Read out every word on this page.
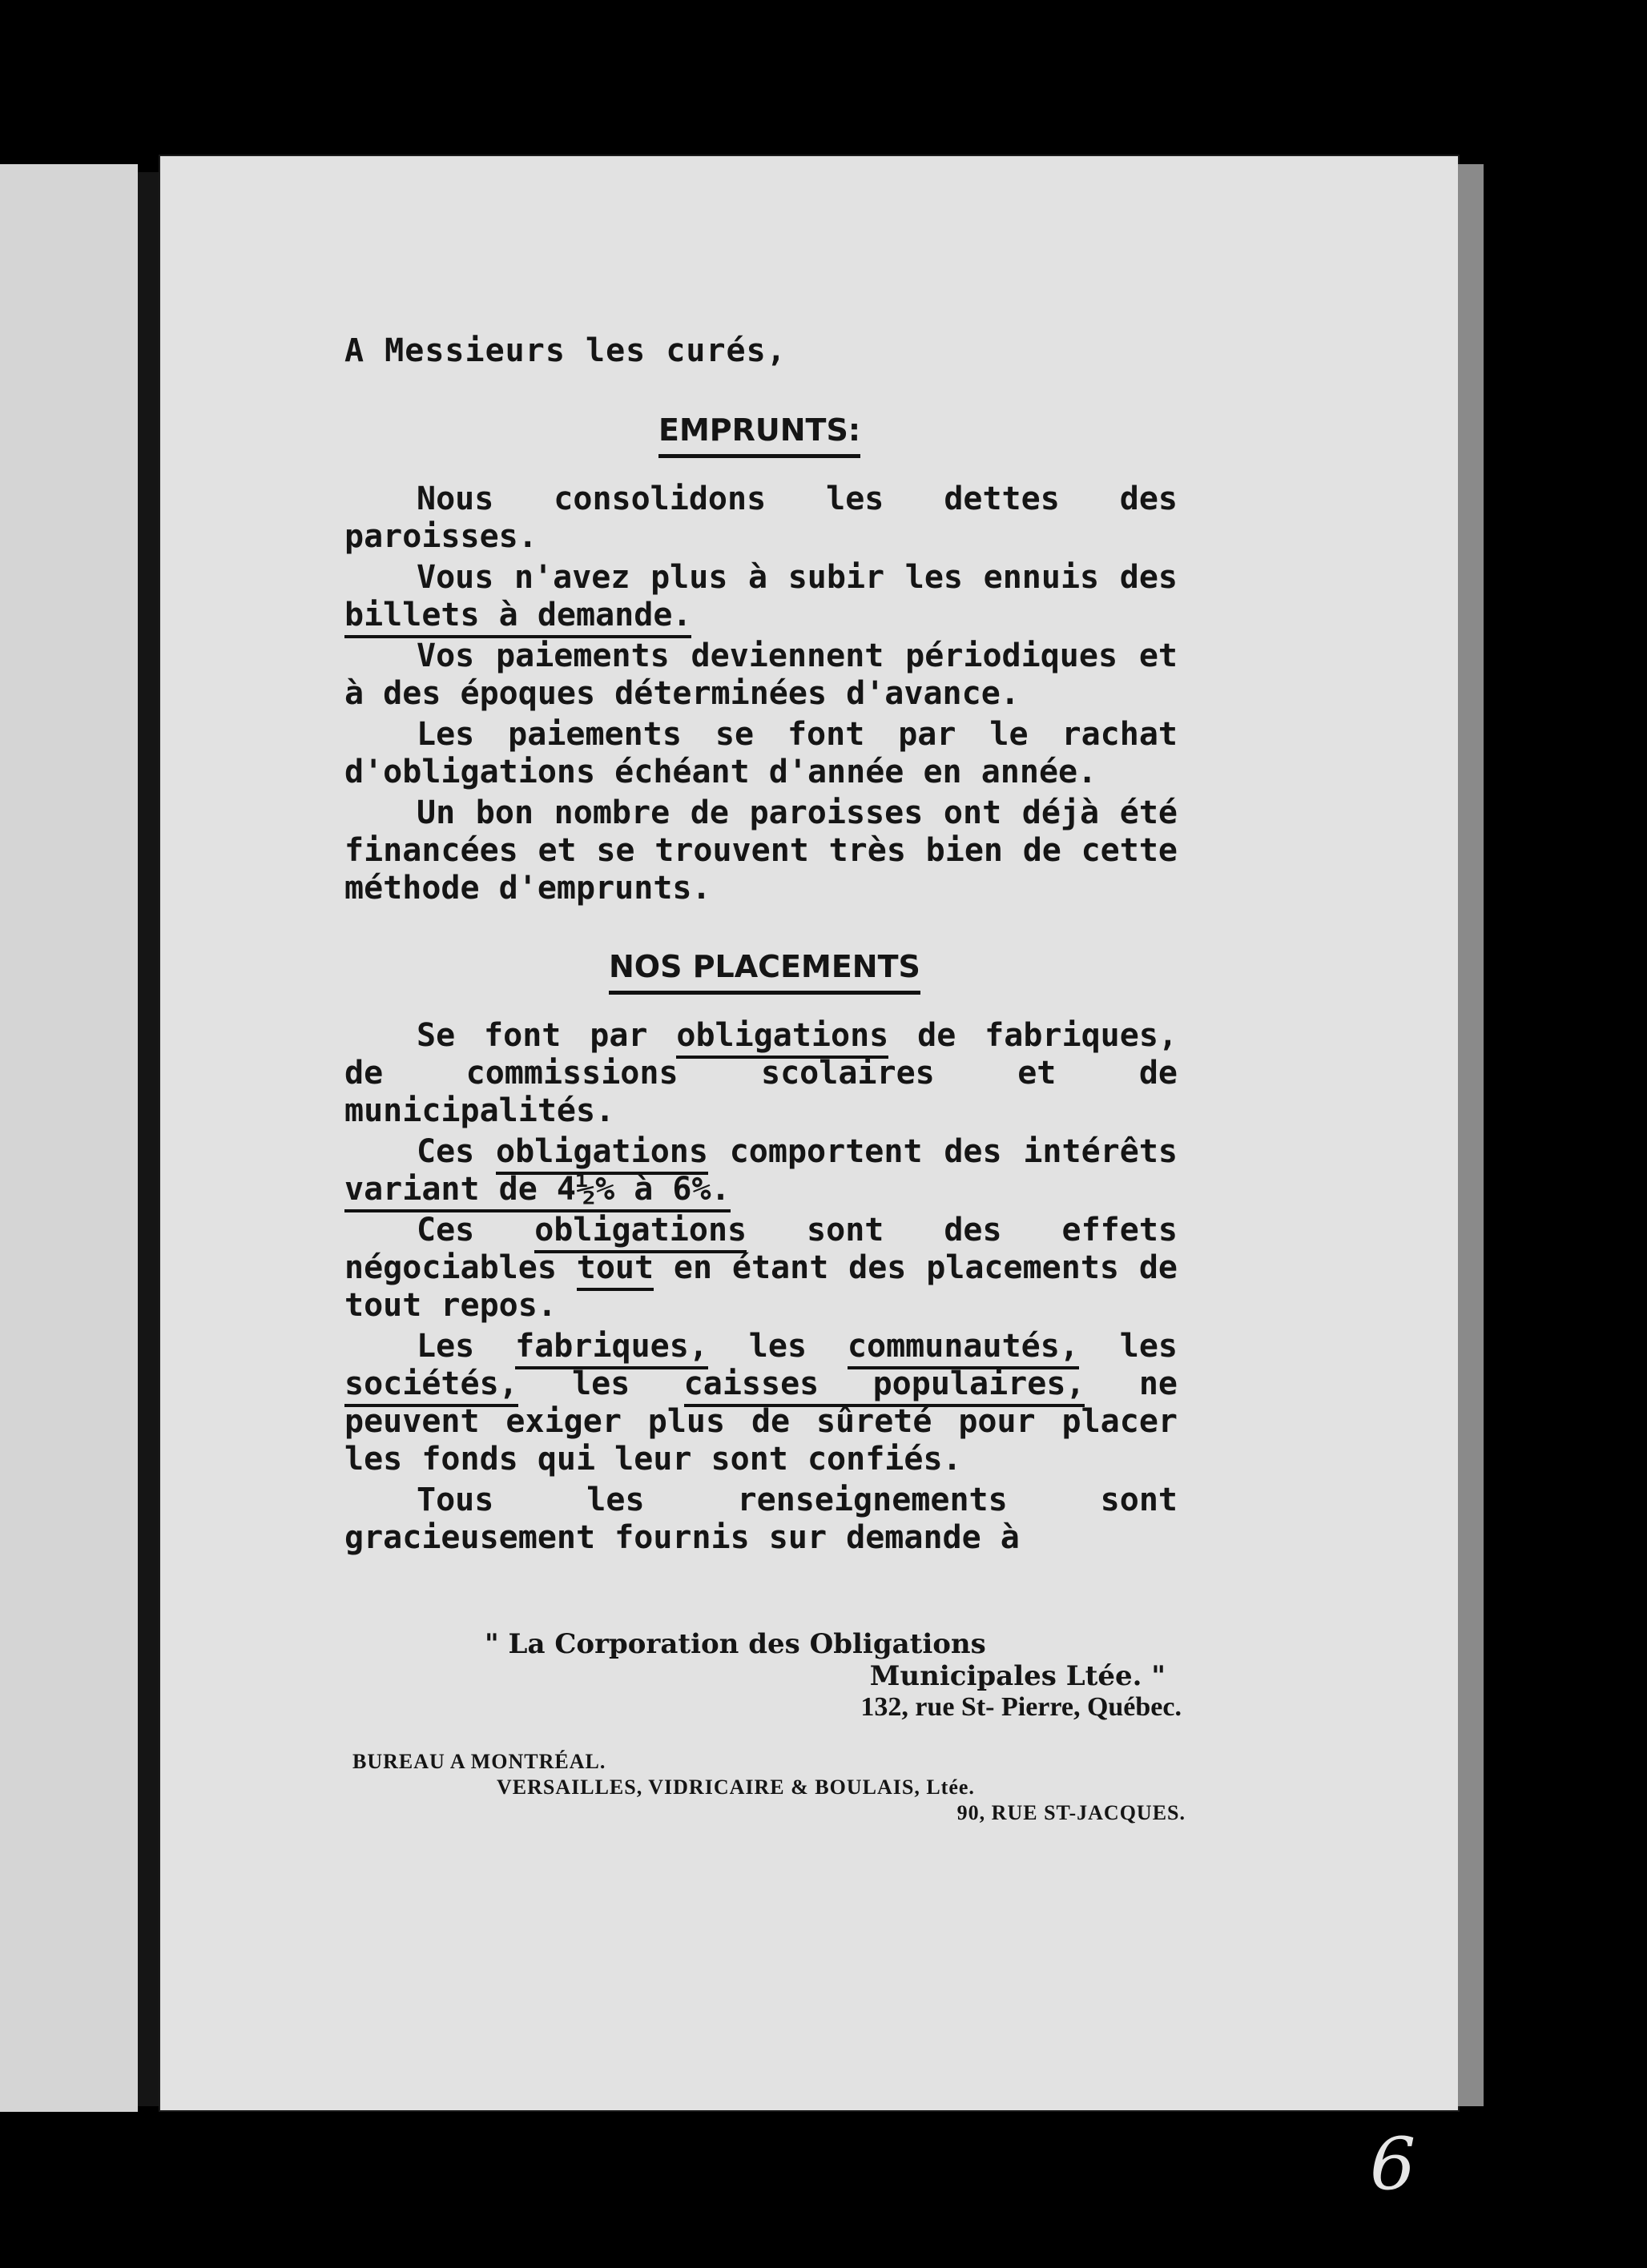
A Messieurs les curés,
EMPRUNTS:

Nous consolidons les dettes des paroisses.

Vous n'avez plus à subir les ennuis des billets à demande.

Vos paiements deviennent périodiques et à des époques déterminées d'avance.

Les paiements se font par le rachat d'obligations échéant d'année en année.

Un bon nombre de paroisses ont déjà été financées et se trouvent très bien de cette méthode d'emprunts.

NOS PLACEMENTS

Se font par obligations de fabriques, de commissions scolaires et de municipalités.

Ces obligations comportent des intérêts variant de 4½% à 6%.

Ces obligations sont des effets négociables tout en étant des placements de tout repos.

Les fabriques, les communautés, les sociétés, les caisses populaires, ne peuvent exiger plus de sûreté pour placer les fonds qui leur sont confiés.

Tous les renseignements sont gracieusement fournis sur demande à

" La Corporation des Obligations
Municipales Ltée. "
132, rue St- Pierre, Québec.
BUREAU A MONTRÉAL.
VERSAILLES, VIDRICAIRE & BOULAIS, Ltée.
90, RUE ST-JACQUES.
6
